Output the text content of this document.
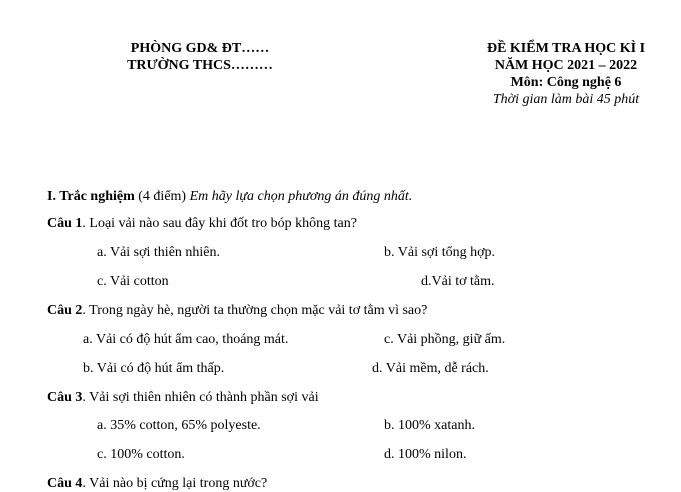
PHÒNG GD& ĐT……
TRƯỜNG THCS………
ĐỀ KIỂM TRA HỌC KÌ I
NĂM HỌC 2021 – 2022
Môn: Công nghệ 6
Thời gian làm bài 45 phút
I. Trắc nghiệm (4 điểm) Em hãy lựa chọn phương án đúng nhất.
Câu 1. Loại vải nào sau đây khi đốt tro bóp không tan?
a. Vải sợi thiên nhiên.	b. Vải sợi tổng hợp.
c. Vải cotton	d.Vải tơ tằm.
Câu 2. Trong ngày hè, người ta thường chọn mặc vải tơ tằm vì sao?
a. Vải có độ hút ẩm cao, thoáng mát.	c. Vải phồng, giữ ấm.
b. Vải có độ hút ẩm thấp.	d. Vải mềm, dễ rách.
Câu 3. Vải sợi thiên nhiên có thành phần sợi vải
a. 35% cotton, 65% polyeste.	b. 100% xatanh.
c. 100% cotton.	d. 100% nilon.
Câu 4. Vải nào bị cứng lại trong nước?
